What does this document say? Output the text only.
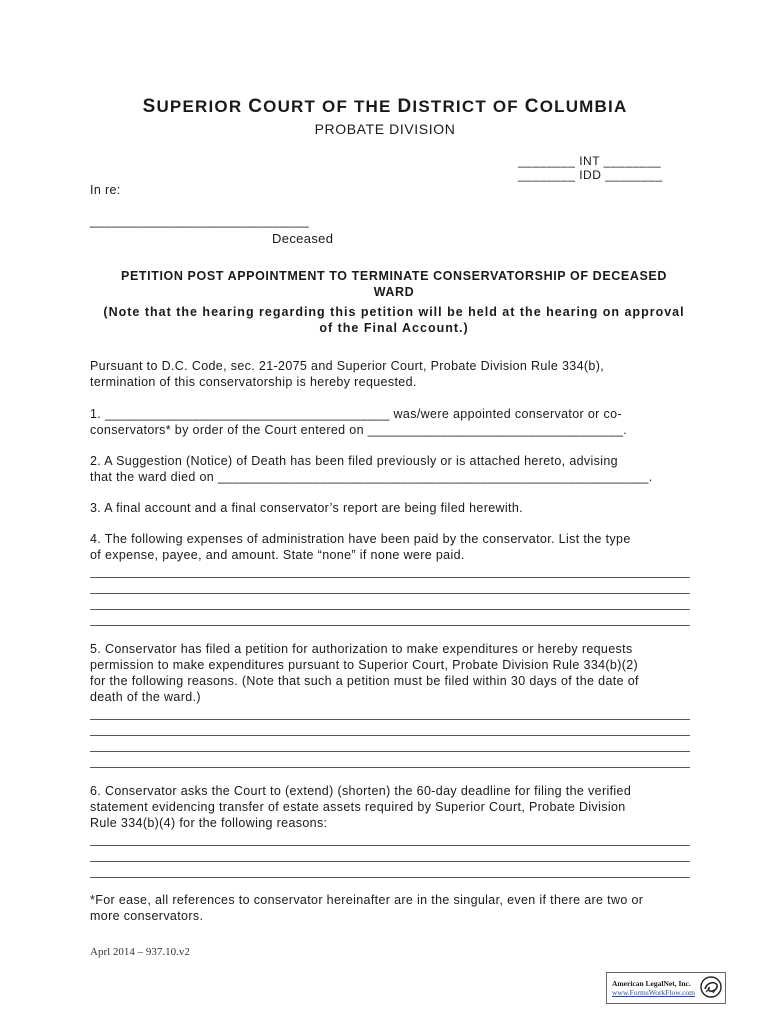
SUPERIOR COURT OF THE DISTRICT OF COLUMBIA
PROBATE DIVISION
________ INT ________
________ IDD ________
In re:
______________________________
Deceased
PETITION POST APPOINTMENT TO TERMINATE CONSERVATORSHIP OF DECEASED
WARD
(Note that the hearing regarding this petition will be held at the hearing on approval
of the Final Account.)
Pursuant to D.C. Code, sec. 21-2075 and Superior Court, Probate Division Rule 334(b),
termination of this conservatorship is hereby requested.
1. _______________________________________ was/were appointed conservator or co-
conservators* by order of the Court entered on ___________________________________.
2. A Suggestion (Notice) of Death has been filed previously or is attached hereto, advising
that the ward died on ___________________________________________________________.
3. A final account and a final conservator’s report are being filed herewith.
4. The following expenses of administration have been paid by the conservator. List the type
of expense, payee, and amount. State “none” if none were paid.
5. Conservator has filed a petition for authorization to make expenditures or hereby requests
permission to make expenditures pursuant to Superior Court, Probate Division Rule 334(b)(2)
for the following reasons. (Note that such a petition must be filed within 30 days of the date of
death of the ward.)
6. Conservator asks the Court to (extend) (shorten) the 60-day deadline for filing the verified
statement evidencing transfer of estate assets required by Superior Court, Probate Division
Rule 334(b)(4) for the following reasons:
*For ease, all references to conservator hereinafter are in the singular, even if there are two or
more conservators.
Aprl 2014 – 937.10.v2
American LegalNet, Inc.
www.FormsWorkFlow.com
